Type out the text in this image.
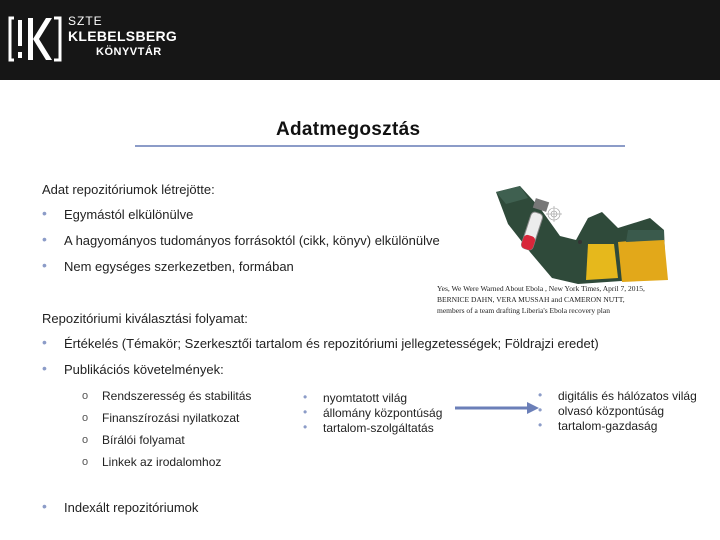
SZTE
KLEBELSBERG
KÖNYVTÁR
Adatmegosztás
Adat repozitóriumok létrejötte:
• Egymástól elkülönülve
• A hagyományos tudományos forrásoktól (cikk, könyv) elkülönülve
• Nem egységes szerkezetben, formában
Yes, We Were Warned About Ebola , New York Times, April 7, 2015,
BERNICE DAHN, VERA MUSSAH and CAMERON NUTT,
members of a team drafting Liberia's Ebola recovery plan
Repozitóriumi kiválasztási folyamat:
• Értékelés (Témakör; Szerkesztői tartalom és repozitóriumi jellegzetességek; Földrajzi eredet)
• Publikációs követelmények:
o Rendszeresség és stabilitás
o Finanszírozási nyilatkozat
o Bírálói folyamat
o Linkek az irodalomhoz
• nyomtatott világ
• állomány központúság
• tartalom-szolgáltatás
• digitális és hálózatos világ
• olvasó központúság
• tartalom-gazdaság
• Indexált repozitóriumok
